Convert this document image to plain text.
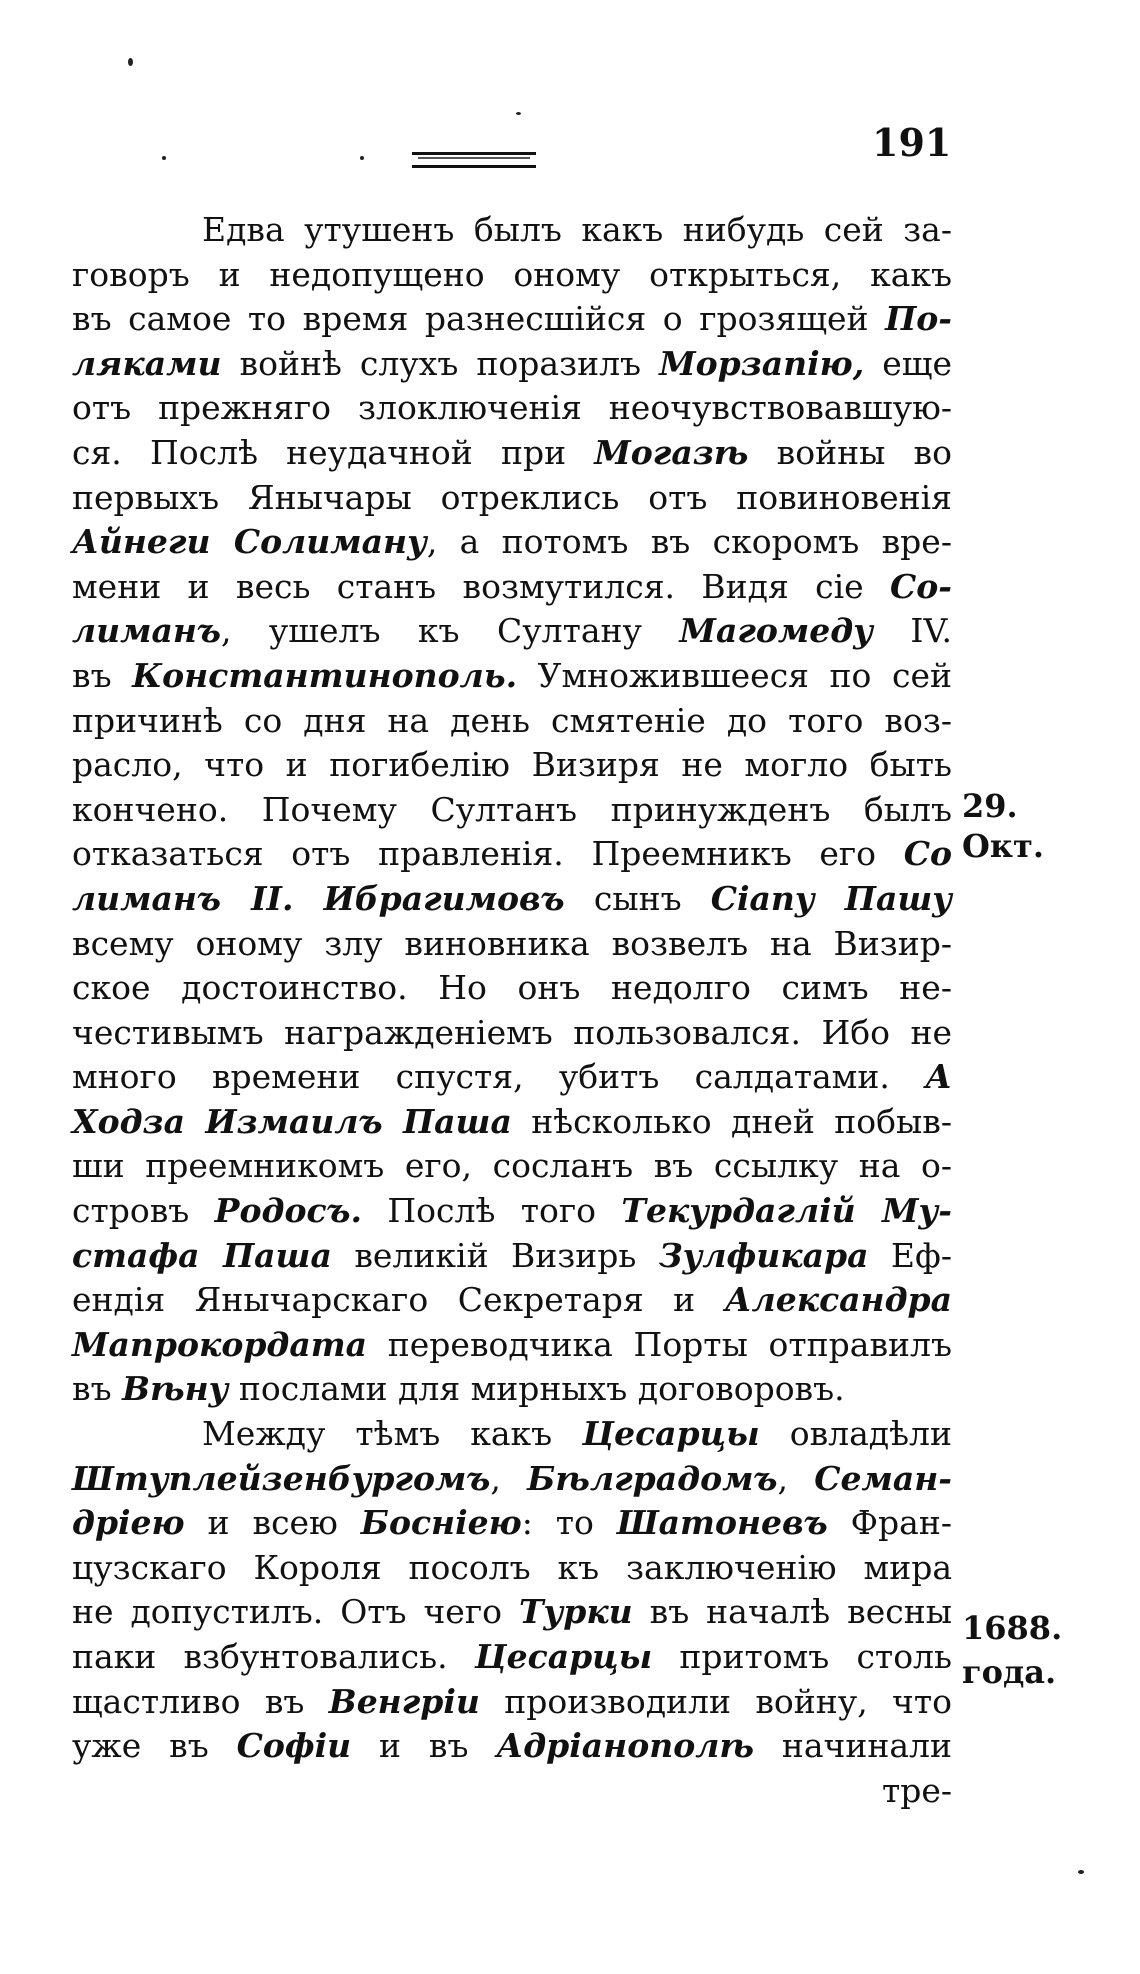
191
Едва утушенъ былъ какъ нибудь сей за-
говоръ и недопущено оному открыться, какъ
въ самое то время разнесшійся о грозящей По-
ляками войнѣ слухъ поразилъ Морзапію, еще
отъ прежняго злоключенія неочувствовавшую-
ся. Послѣ неудачной при Могазѣ войны во
первыхъ Янычары отреклись отъ повиновенія
Айнеги Солиману, а потомъ въ скоромъ вре-
мени и весь станъ возмутился. Видя сіе Со-
лиманъ, ушелъ къ Султану Магомеду IV.
въ Константинополь. Умножившееся по сей
причинѣ со дня на день смятеніе до того воз-
расло, что и погибелію Визиря не могло быть
кончено. Почему Султанъ принужденъ былъ
отказаться отъ правленія. Преемникъ его Со
лиманъ II. Ибрагимовъ сынъ Сіапу Пашу
всему оному злу виновника возвелъ на Визир-
ское достоинство. Но онъ недолго симъ не-
честивымъ награжденіемъ пользовался. Ибо не
много времени спустя, убитъ салдатами. А
Ходза Измаилъ Паша нѣсколько дней побыв-
ши преемникомъ его, сосланъ въ ссылку на о-
стровъ Родосъ. Послѣ того Текурдаглій Му-
стафа Паша великій Визирь Зулфикара Еф-
ендія Янычарскаго Секретаря и Александра
Мапрокордата переводчика Порты отправилъ
въ Вѣну послами для мирныхъ договоровъ.
Между тѣмъ какъ Цесарцы овладѣли
Штуплейзенбургомъ, Бѣлградомъ, Семан-
дріею и всею Босніею: то Шатоневъ Фран-
цузскаго Короля посолъ къ заключенію мира
не допустилъ. Отъ чего Турки въ началѣ весны
паки взбунтовались. Цесарцы притомъ столь
щастливо въ Венгріи производили войну, что
уже въ Софіи и въ Адріанополѣ начинали
тре-
29.
Окт.
1688.
года.
